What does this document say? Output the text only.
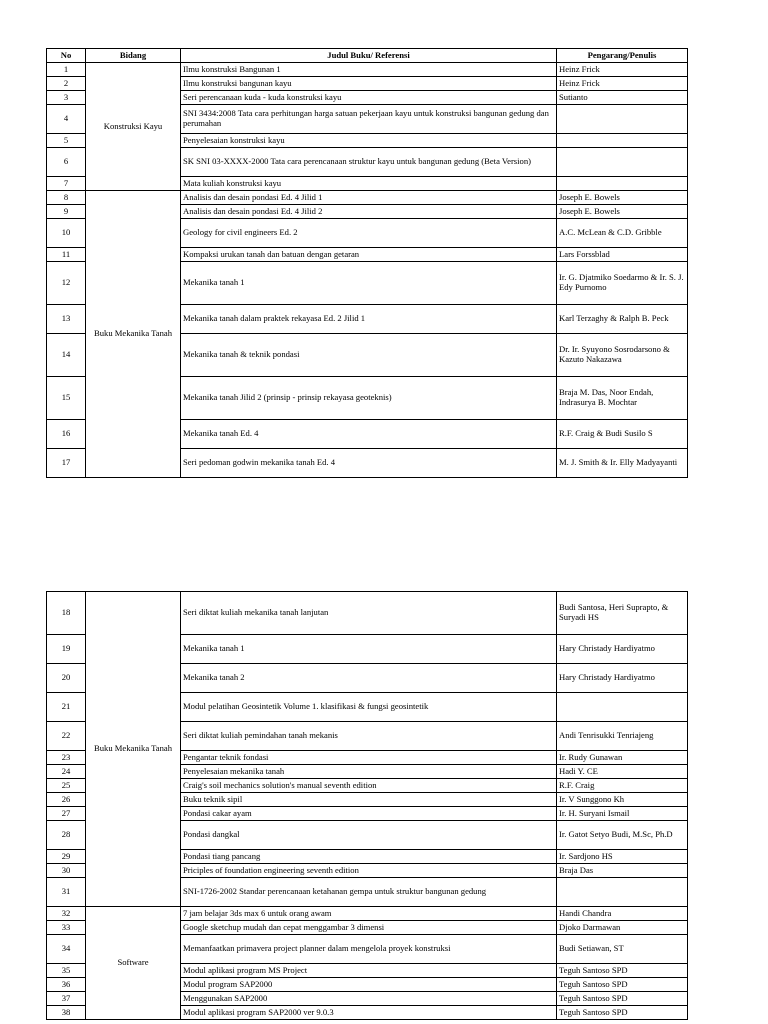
No	Bidang	Judul Buku/ Referensi	Pengarang/Penulis
1	Konstruksi Kayu	Ilmu konstruksi Bangunan 1	Heinz Frick
2		Ilmu konstruksi bangunan kayu	Heinz Frick
3		Seri perencanaan kuda - kuda konstruksi kayu	Sutianto
4		SNI 3434:2008 Tata cara perhitungan harga satuan pekerjaan kayu untuk konstruksi bangunan gedung dan perumahan	
5		Penyelesaian konstruksi kayu	
6		SK SNI 03-XXXX-2000 Tata cara perencanaan struktur kayu untuk bangunan gedung (Beta Version)	
7		Mata kuliah konstruksi kayu	
8	Buku Mekanika Tanah	Analisis dan desain pondasi Ed. 4 Jilid 1	Joseph E. Bowels
9		Analisis dan desain pondasi Ed. 4 Jilid 2	Joseph E. Bowels
10		Geology for civil engineers Ed. 2	A.C. McLean & C.D. Gribble
11		Kompaksi urukan tanah dan batuan dengan getaran	Lars Forssblad
12		Mekanika tanah 1	Ir. G. Djatmiko Soedarmo & Ir. S. J. Edy Purnomo
13		Mekanika tanah dalam praktek rekayasa Ed. 2 Jilid 1	Karl Terzaghy & Ralph B. Peck
14		Mekanika tanah & teknik pondasi	Dr. Ir. Syuyono Sosrodarsono & Kazuto Nakazawa
15		Mekanika tanah Jilid 2 (prinsip - prinsip rekayasa geoteknis)	Braja M. Das, Noor Endah, Indrasurya B. Mochtar
16		Mekanika tanah Ed. 4	R.F. Craig & Budi Susilo S
17		Seri pedoman godwin mekanika tanah Ed. 4	M. J. Smith & Ir. Elly Madyayanti
18	Buku Mekanika Tanah	Seri diktat kuliah mekanika tanah lanjutan	Budi Santosa, Heri Suprapto, & Suryadi HS
19		Mekanika tanah 1	Hary Christady Hardiyatmo
20		Mekanika tanah 2	Hary Christady Hardiyatmo
21		Modul pelatihan Geosintetik Volume 1. klasifikasi & fungsi geosintetik	
22		Seri diktat kuliah pemindahan tanah mekanis	Andi Tenrisukki Tenriajeng
23		Pengantar teknik fondasi	Ir. Rudy Gunawan
24		Penyelesaian mekanika tanah	Hadi Y. CE
25		Craig's soil mechanics solution's manual seventh edition	R.F. Craig
26		Buku teknik sipil	Ir. V Sunggono Kh
27		Pondasi cakar ayam	Ir. H. Suryani Ismail
28		Pondasi dangkal	Ir. Gatot Setyo Budi, M.Sc, Ph.D
29		Pondasi tiang pancang	Ir. Sardjono HS
30		Priciples of foundation engineering seventh edition	Braja Das
31		SNI-1726-2002 Standar perencanaan ketahanan gempa untuk struktur bangunan gedung	
32	Software	7 jam belajar 3ds max 6 untuk orang awam	Handi Chandra
33		Google sketchup mudah dan cepat menggambar 3 dimensi	Djoko Darmawan
34		Memanfaatkan primavera project planner dalam mengelola proyek konstruksi	Budi Setiawan, ST
35		Modul aplikasi program MS Project	Teguh Santoso SPD
36		Modul program SAP2000	Teguh Santoso SPD
37		Menggunakan SAP2000	Teguh Santoso SPD
38		Modul aplikasi program SAP2000 ver 9.0.3	Teguh Santoso SPD
